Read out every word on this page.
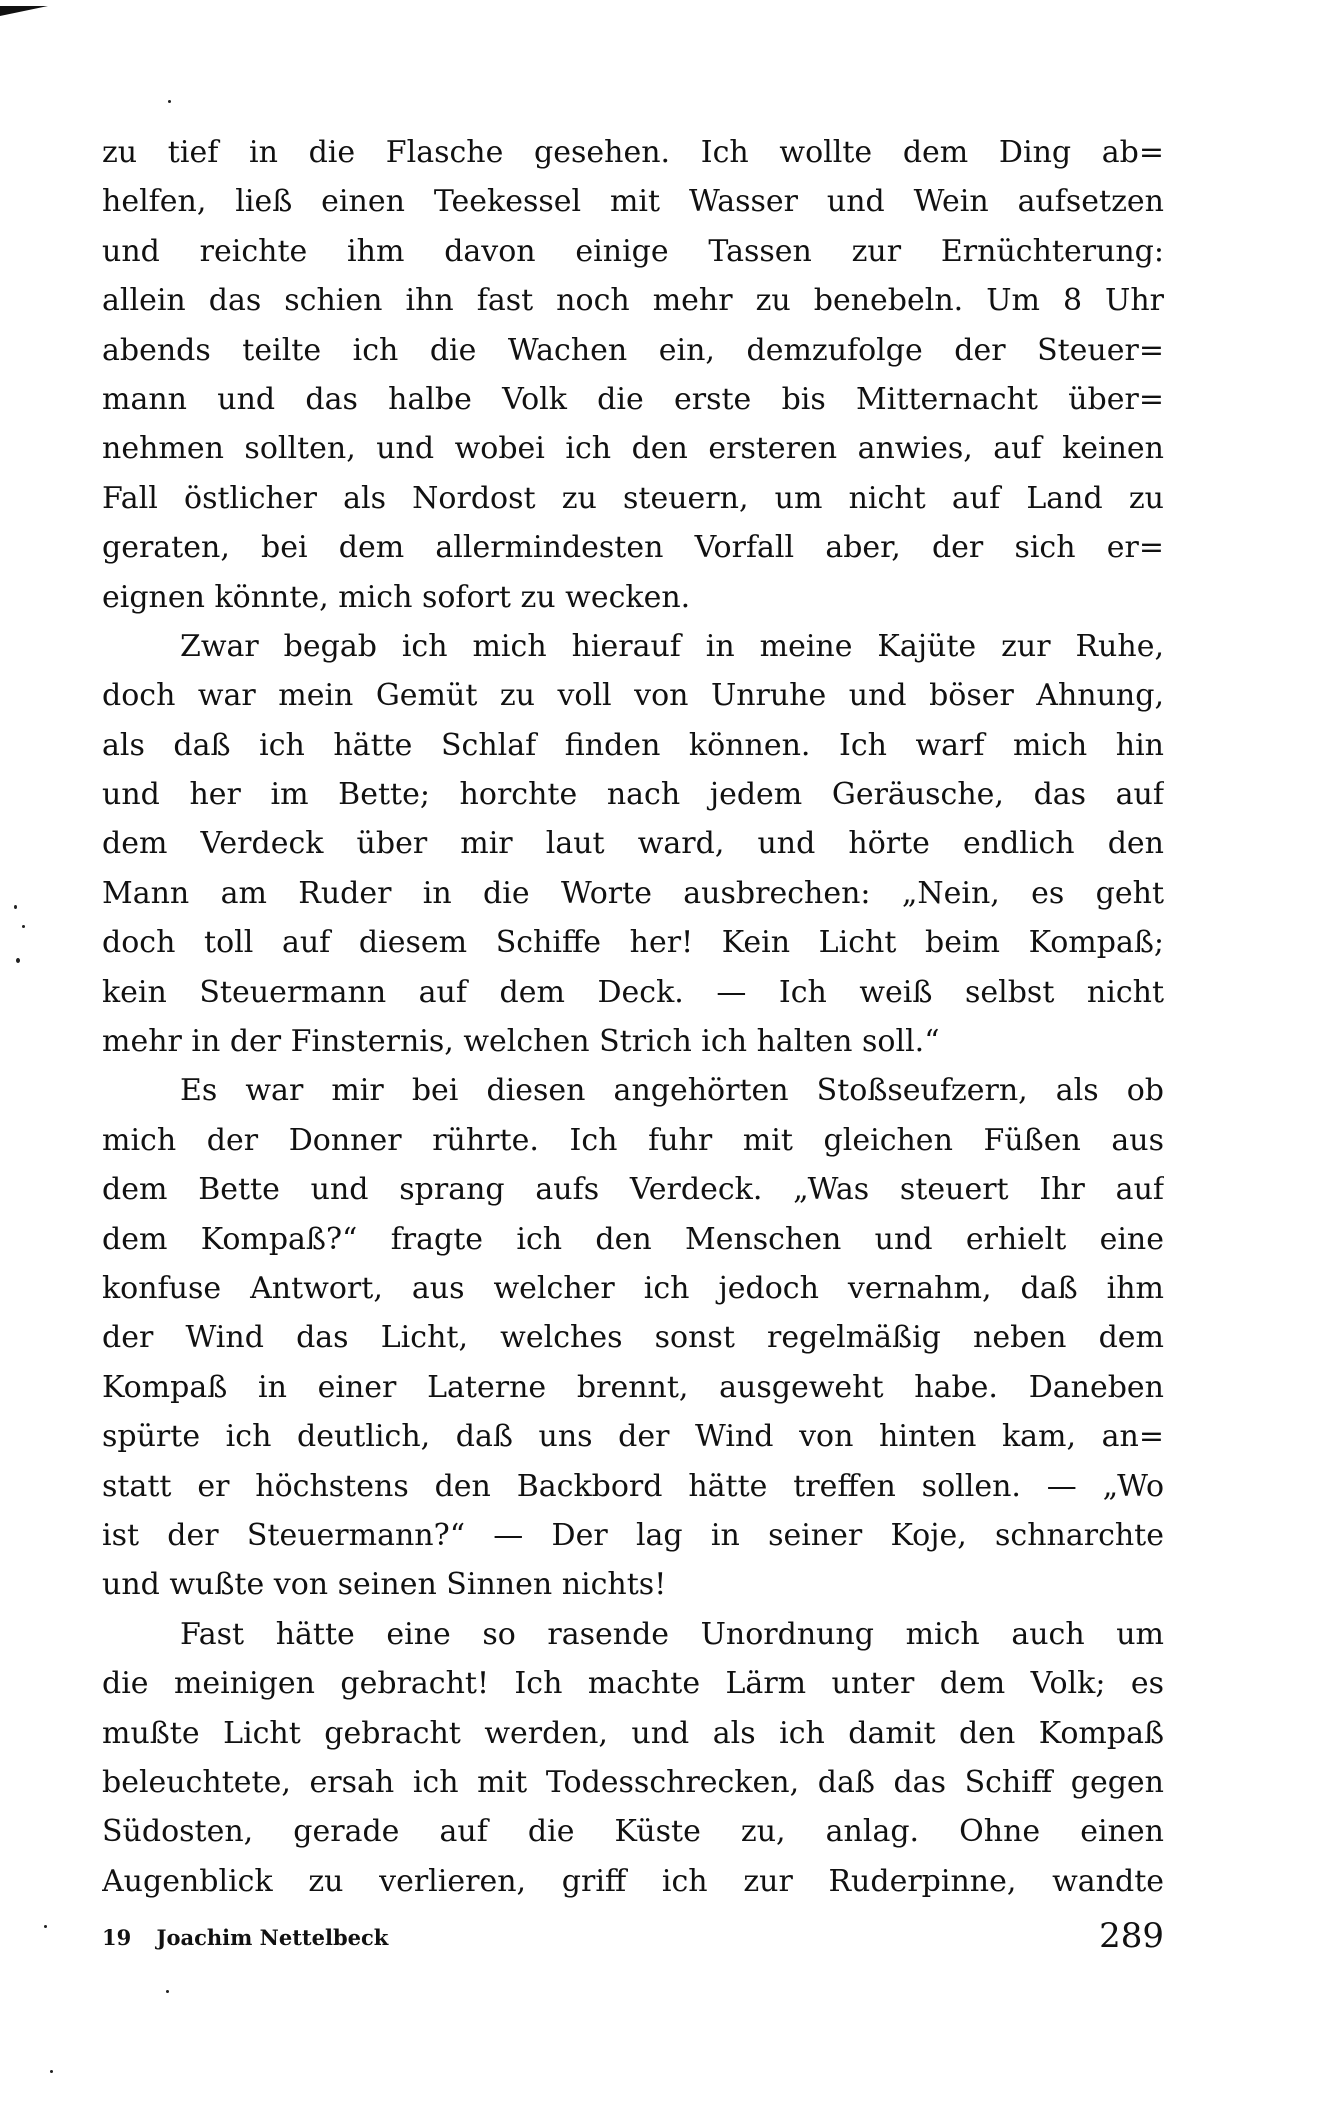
zu tief in die Flasche gesehen. Ich wollte dem Ding ab=
helfen, ließ einen Teekessel mit Wasser und Wein aufsetzen
und reichte ihm davon einige Tassen zur Ernüchterung:
allein das schien ihn fast noch mehr zu benebeln. Um 8 Uhr
abends teilte ich die Wachen ein, demzufolge der Steuer=
mann und das halbe Volk die erste bis Mitternacht über=
nehmen sollten, und wobei ich den ersteren anwies, auf keinen
Fall östlicher als Nordost zu steuern, um nicht auf Land zu
geraten, bei dem allermindesten Vorfall aber, der sich er=
eignen könnte, mich sofort zu wecken.
Zwar begab ich mich hierauf in meine Kajüte zur Ruhe,
doch war mein Gemüt zu voll von Unruhe und böser Ahnung,
als daß ich hätte Schlaf finden können. Ich warf mich hin
und her im Bette; horchte nach jedem Geräusche, das auf
dem Verdeck über mir laut ward, und hörte endlich den
Mann am Ruder in die Worte ausbrechen: „Nein, es geht
doch toll auf diesem Schiffe her! Kein Licht beim Kompaß;
kein Steuermann auf dem Deck. — Ich weiß selbst nicht
mehr in der Finsternis, welchen Strich ich halten soll.“
Es war mir bei diesen angehörten Stoßseufzern, als ob
mich der Donner rührte. Ich fuhr mit gleichen Füßen aus
dem Bette und sprang aufs Verdeck. „Was steuert Ihr auf
dem Kompaß?“ fragte ich den Menschen und erhielt eine
konfuse Antwort, aus welcher ich jedoch vernahm, daß ihm
der Wind das Licht, welches sonst regelmäßig neben dem
Kompaß in einer Laterne brennt, ausgeweht habe. Daneben
spürte ich deutlich, daß uns der Wind von hinten kam, an=
statt er höchstens den Backbord hätte treffen sollen. — „Wo
ist der Steuermann?“ — Der lag in seiner Koje, schnarchte
und wußte von seinen Sinnen nichts!
Fast hätte eine so rasende Unordnung mich auch um
die meinigen gebracht! Ich machte Lärm unter dem Volk; es
mußte Licht gebracht werden, und als ich damit den Kompaß
beleuchtete, ersah ich mit Todesschrecken, daß das Schiff gegen
Südosten, gerade auf die Küste zu, anlag. Ohne einen
Augenblick zu verlieren, griff ich zur Ruderpinne, wandte
19 Joachim Nettelbeck	289
